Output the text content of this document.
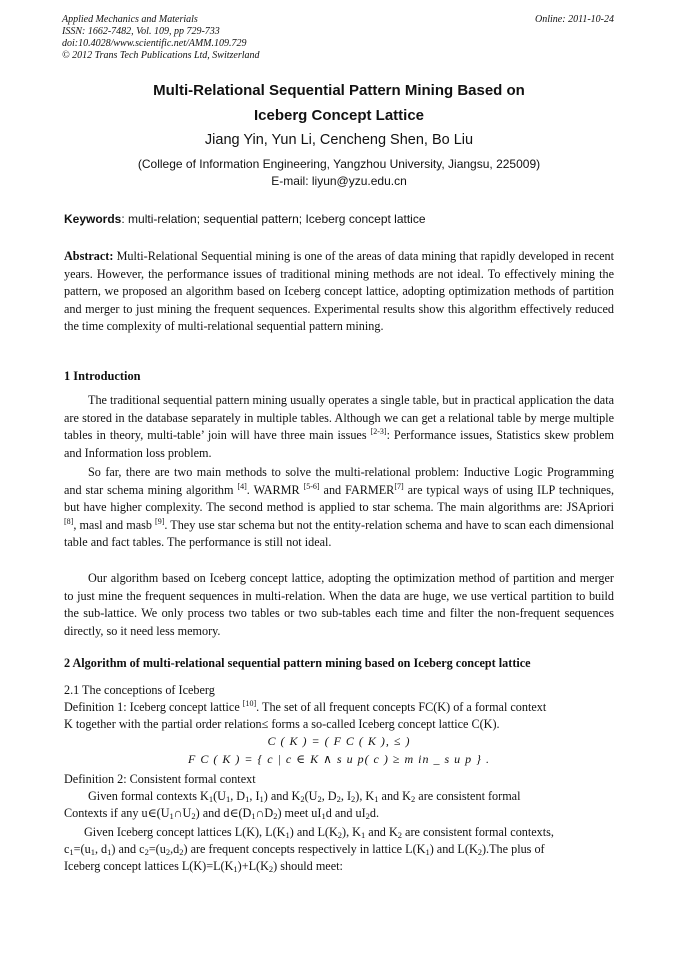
Applied Mechanics and Materials
ISSN: 1662-7482, Vol. 109, pp 729-733
doi:10.4028/www.scientific.net/AMM.109.729
© 2012 Trans Tech Publications Ltd, Switzerland
Online: 2011-10-24
Multi-Relational Sequential Pattern Mining Based on
Iceberg Concept Lattice
Jiang Yin, Yun Li, Cencheng Shen, Bo Liu
(College of Information Engineering, Yangzhou University, Jiangsu, 225009)
E-mail: liyun@yzu.edu.cn
Keywords: multi-relation; sequential pattern; Iceberg concept lattice
Abstract: Multi-Relational Sequential mining is one of the areas of data mining that rapidly developed in recent years. However, the performance issues of traditional mining methods are not ideal. To effectively mining the pattern, we proposed an algorithm based on Iceberg concept lattice, adopting optimization methods of partition and merger to just mining the frequent sequences. Experimental results show this algorithm effectively reduced the time complexity of multi-relational sequential pattern mining.
1 Introduction
The traditional sequential pattern mining usually operates a single table, but in practical application the data are stored in the database separately in multiple tables. Although we can get a relational table by merge multiple tables in theory, multi-table’ join will have three main issues [2-3]: Performance issues, Statistics skew problem and Information loss problem.
So far, there are two main methods to solve the multi-relational problem: Inductive Logic Programming and star schema mining algorithm [4]. WARMR [5-6] and FARMER[7] are typical ways of using ILP techniques, but have higher complexity. The second method is applied to star schema. The main algorithms are: JSApriori [8], masl and masb [9]. They use star schema but not the entity-relation schema and have to scan each dimensional table and fact tables. The performance is still not ideal.
Our algorithm based on Iceberg concept lattice, adopting the optimization method of partition and merger to just mine the frequent sequences in multi-relation. When the data are huge, we use vertical partition to build the sub-lattice. We only process two tables or two sub-tables each time and filter the non-frequent sequences directly, so it need less memory.
2 Algorithm of multi-relational sequential pattern mining based on Iceberg concept lattice
2.1 The conceptions of Iceberg
Definition 1: Iceberg concept lattice [10]. The set of all frequent concepts FC(K) of a formal context
K together with the partial order relation≤ forms a so-called Iceberg concept lattice C(K).
C ( K ) = ( F C ( K ), ≤ )
F C ( K ) = { c | c ∈ K ∧ s u p( c ) ≥ m in _ s u p } .
Definition 2: Consistent formal context
Given formal contexts $K_1(U_1$, $D_1$, $I_1$) and $K_2(U_2$, $D_2$, $I_2$), $K_1$ and $K_2$ are consistent formal
Contexts if any $u\in(U_1\cap U_2)$ and $d\in(D_1\cap D_2)$ meet $uI_1d$ and $uI_2d$.
Given Iceberg concept lattices L(K), $L(K_1)$ and $L(K_2)$, $K_1$ and $K_2$ are consistent formal contexts,
$c_1=(u_1$, $d_1$) and $c_2=(u_2,d_2)$ are frequent concepts respectively in lattice $L(K_1)$ and $L(K_2).The$ plus of
Iceberg concept lattices $L(K)=L(K_1)+L(K_2)$ should meet:
